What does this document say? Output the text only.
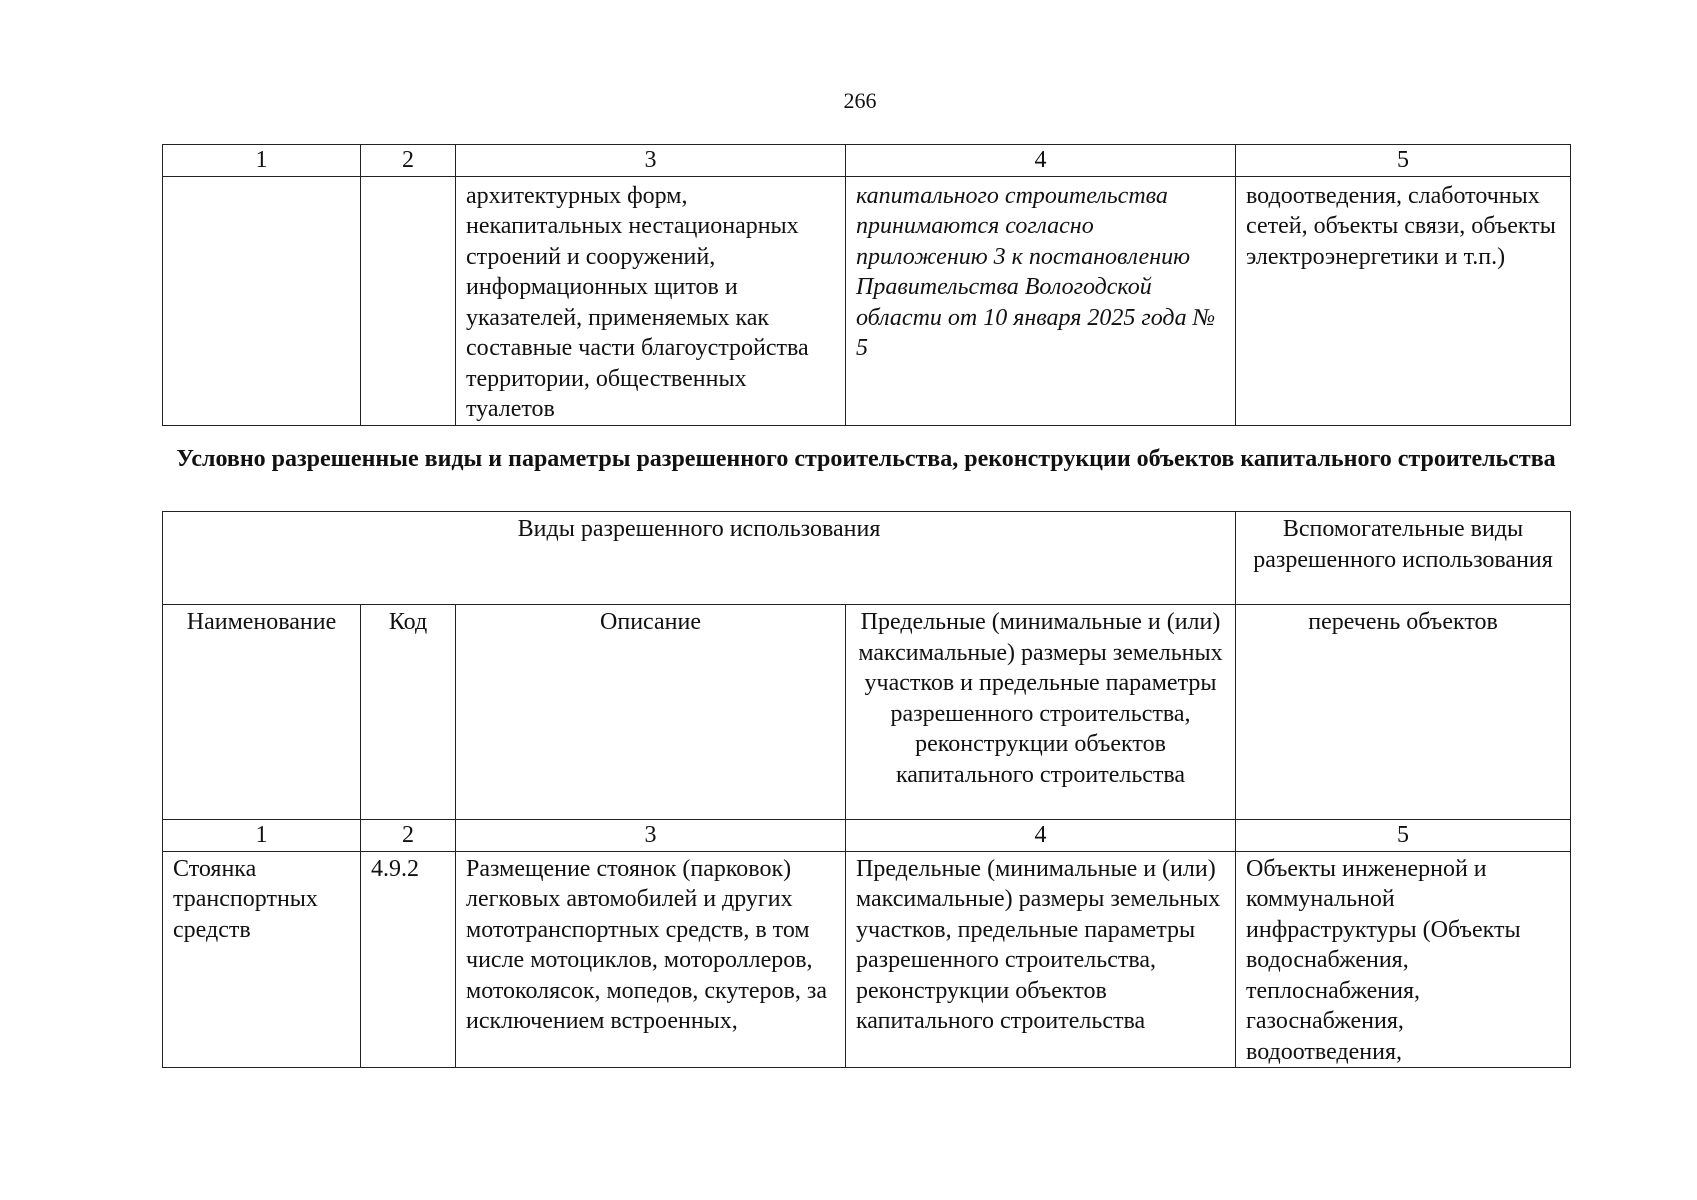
266
1	2	3	4	5
		архитектурных форм, некапитальных нестационарных строений и сооружений, информационных щитов и указателей, применяемых как составные части благоустройства территории, общественных туалетов	капитального строительства принимаются согласно приложению 3 к постановлению Правительства Вологодской области от 10 января 2025 года № 5	водоотведения, слаботочных сетей, объекты связи, объекты электроэнергетики и т.п.)
Условно разрешенные виды и параметры разрешенного строительства, реконструкции объектов капитального строительства
Виды разрешенного использования				Вспомогательные виды разрешенного использования
Наименование	Код	Описание	Предельные (минимальные и (или) максимальные) размеры земельных участков и предельные параметры разрешенного строительства, реконструкции объектов капитального строительства	перечень объектов
1	2	3	4	5
Стоянка транспортных средств	4.9.2	Размещение стоянок (парковок) легковых автомобилей и других мототранспортных средств, в том числе мотоциклов, мотороллеров, мотоколясок, мопедов, скутеров, за исключением встроенных,	Предельные (минимальные и (или) максимальные) размеры земельных участков, предельные параметры разрешенного строительства, реконструкции объектов капитального строительства	Объекты инженерной и коммунальной инфраструктуры (Объекты водоснабжения, теплоснабжения, газоснабжения, водоотведения,
